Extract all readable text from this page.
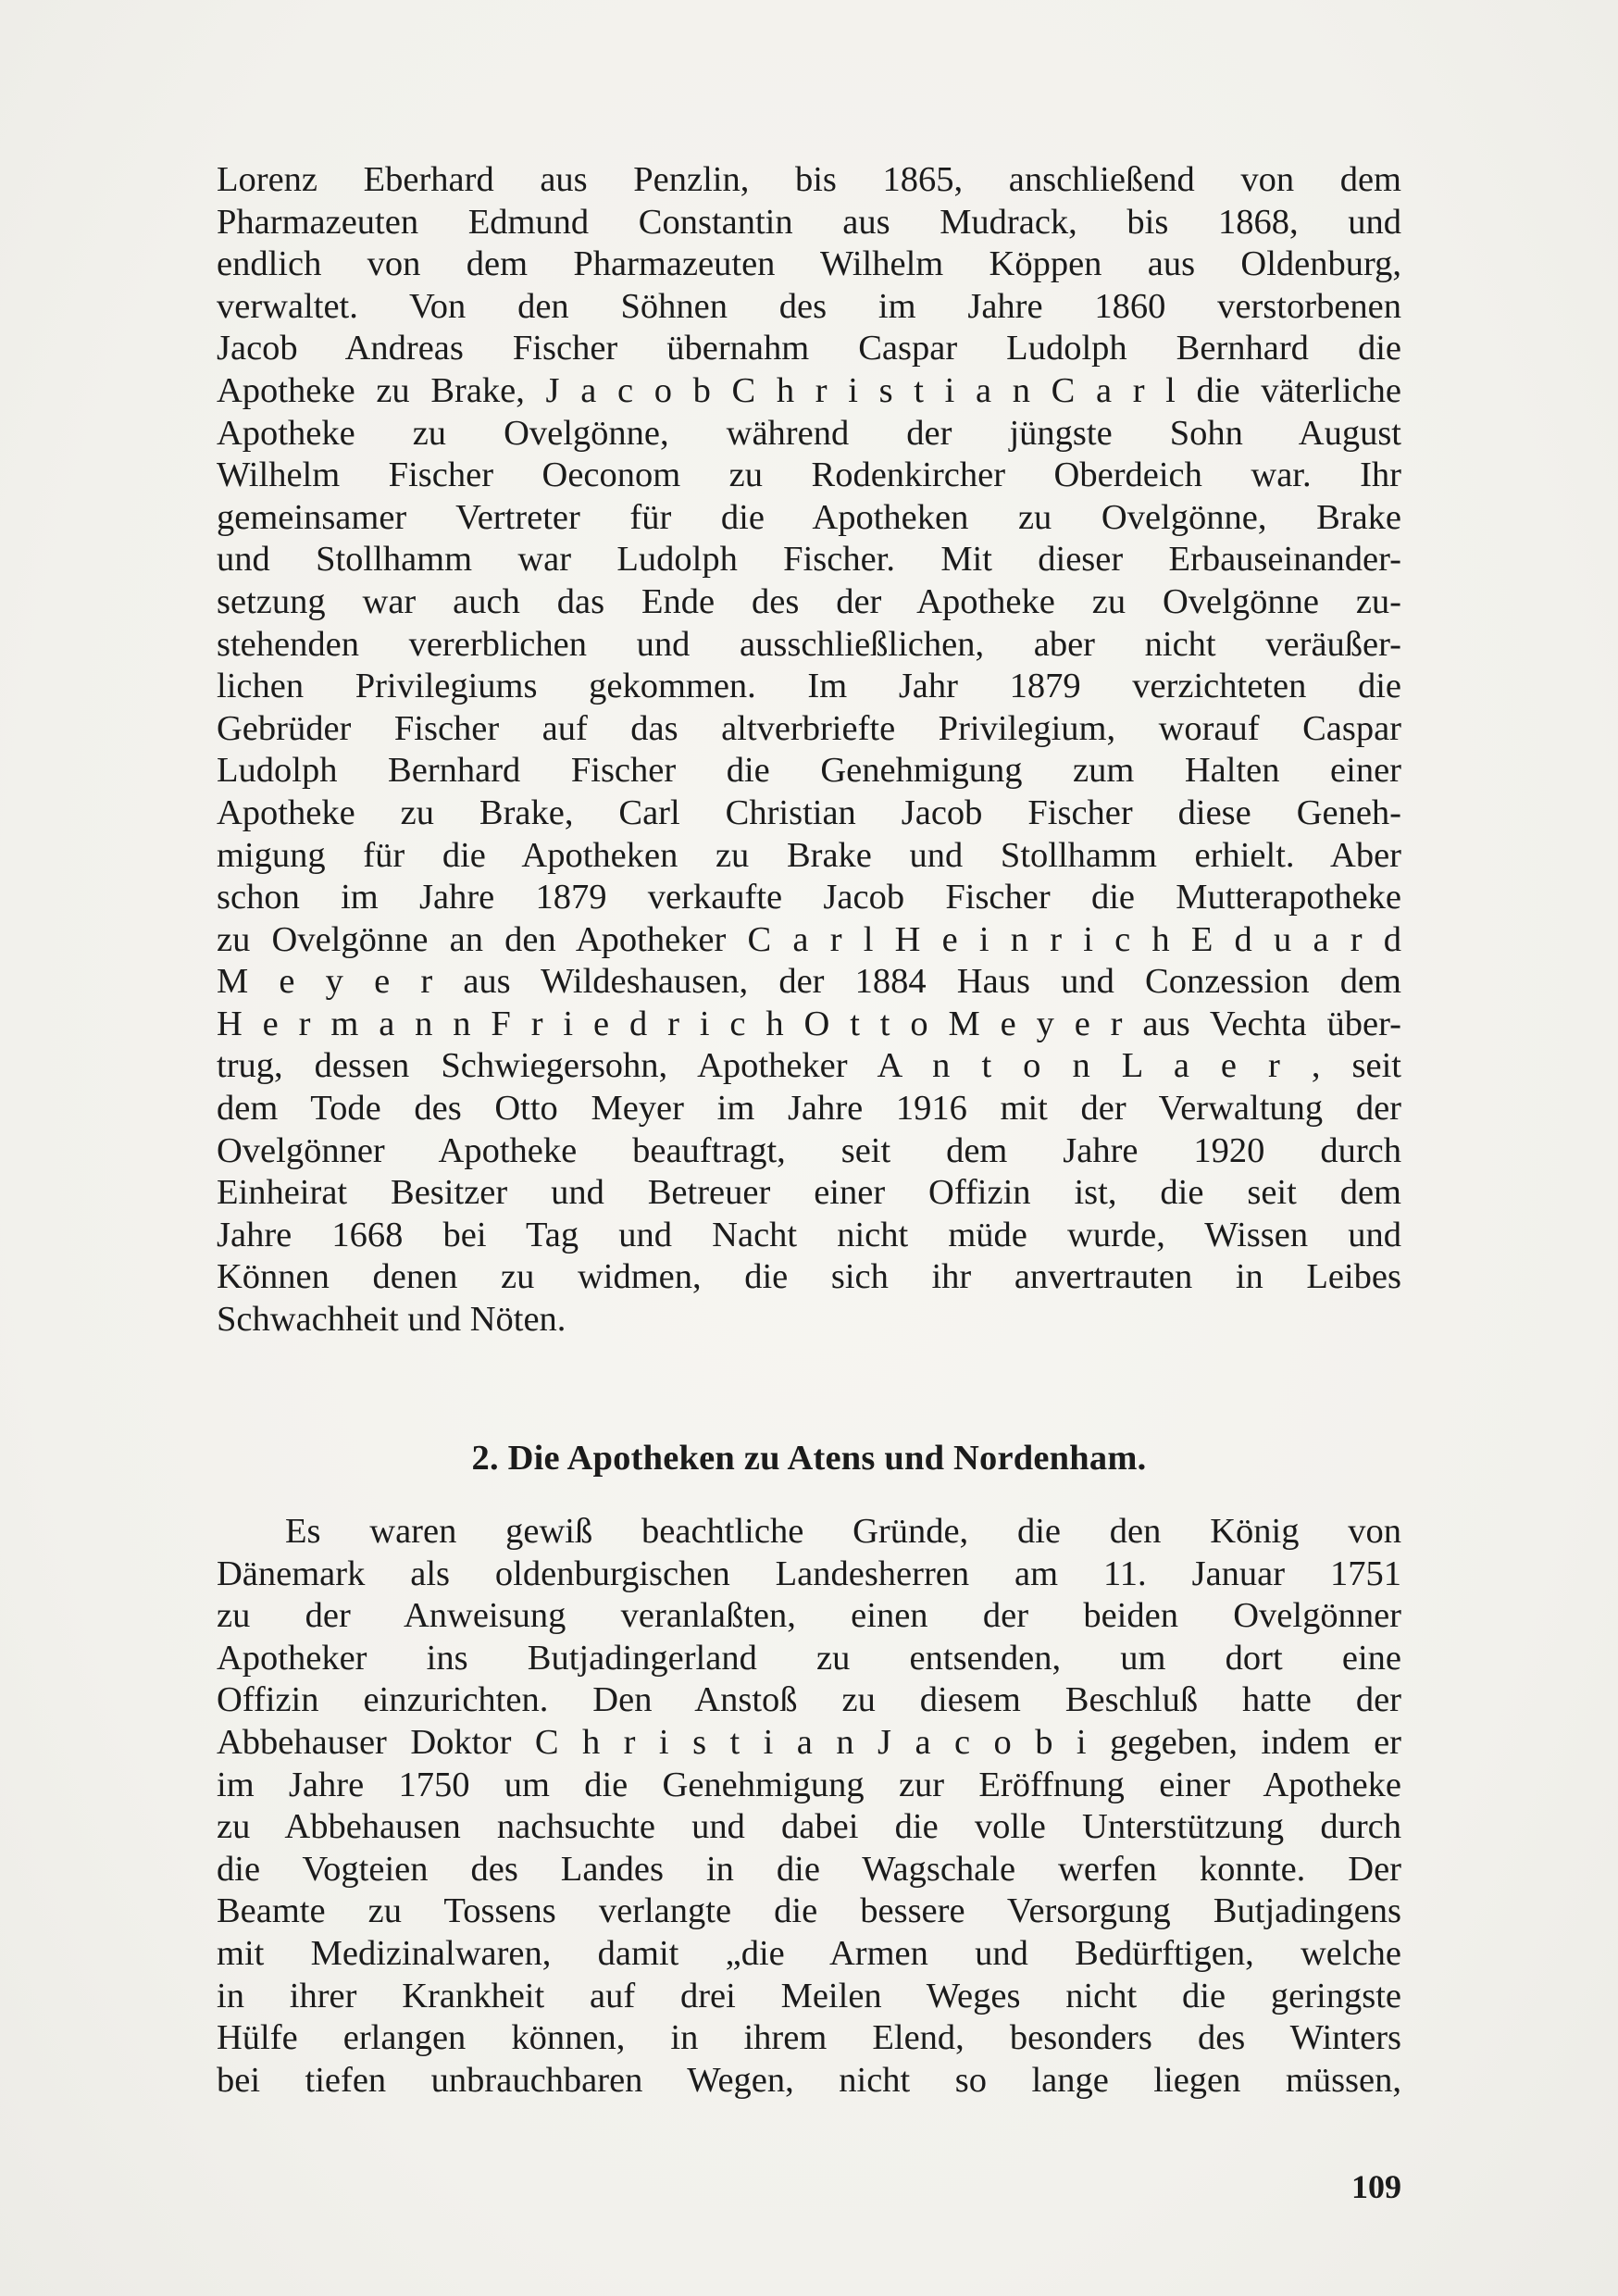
Lorenz Eberhard aus Penzlin, bis 1865, anschließend von dem
Pharmazeuten Edmund Constantin aus Mudrack, bis 1868, und
endlich von dem Pharmazeuten Wilhelm Köppen aus Oldenburg,
verwaltet. Von den Söhnen des im Jahre 1860 verstorbenen
Jacob Andreas Fischer übernahm Caspar Ludolph Bernhard die
Apotheke zu Brake, J a c o b C h r i s t i a n C a r l die väterliche
Apotheke zu Ovelgönne, während der jüngste Sohn August
Wilhelm Fischer Oeconom zu Rodenkircher Oberdeich war. Ihr
gemeinsamer Vertreter für die Apotheken zu Ovelgönne, Brake
und Stollhamm war Ludolph Fischer. Mit dieser Erbauseinander-
setzung war auch das Ende des der Apotheke zu Ovelgönne zu-
stehenden vererblichen und ausschließlichen, aber nicht veräußer-
lichen Privilegiums gekommen. Im Jahr 1879 verzichteten die
Gebrüder Fischer auf das altverbriefte Privilegium, worauf Caspar
Ludolph Bernhard Fischer die Genehmigung zum Halten einer
Apotheke zu Brake, Carl Christian Jacob Fischer diese Geneh-
migung für die Apotheken zu Brake und Stollhamm erhielt. Aber
schon im Jahre 1879 verkaufte Jacob Fischer die Mutterapotheke
zu Ovelgönne an den Apotheker C a r l H e i n r i c h E d u a r d
M e y e r aus Wildeshausen, der 1884 Haus und Conzession dem
H e r m a n n F r i e d r i c h O t t o M e y e r aus Vechta über-
trug, dessen Schwiegersohn, Apotheker A n t o n L a e r , seit
dem Tode des Otto Meyer im Jahre 1916 mit der Verwaltung der
Ovelgönner Apotheke beauftragt, seit dem Jahre 1920 durch
Einheirat Besitzer und Betreuer einer Offizin ist, die seit dem
Jahre 1668 bei Tag und Nacht nicht müde wurde, Wissen und
Können denen zu widmen, die sich ihr anvertrauten in Leibes
Schwachheit und Nöten.
2. Die Apotheken zu Atens und Nordenham.
Es waren gewiß beachtliche Gründe, die den König von
Dänemark als oldenburgischen Landesherren am 11. Januar 1751
zu der Anweisung veranlaßten, einen der beiden Ovelgönner
Apotheker ins Butjadingerland zu entsenden, um dort eine
Offizin einzurichten. Den Anstoß zu diesem Beschluß hatte der
Abbehauser Doktor C h r i s t i a n J a c o b i gegeben, indem er
im Jahre 1750 um die Genehmigung zur Eröffnung einer Apotheke
zu Abbehausen nachsuchte und dabei die volle Unterstützung durch
die Vogteien des Landes in die Wagschale werfen konnte. Der
Beamte zu Tossens verlangte die bessere Versorgung Butjadingens
mit Medizinalwaren, damit „die Armen und Bedürftigen, welche
in ihrer Krankheit auf drei Meilen Weges nicht die geringste
Hülfe erlangen können, in ihrem Elend, besonders des Winters
bei tiefen unbrauchbaren Wegen, nicht so lange liegen müssen,
109
